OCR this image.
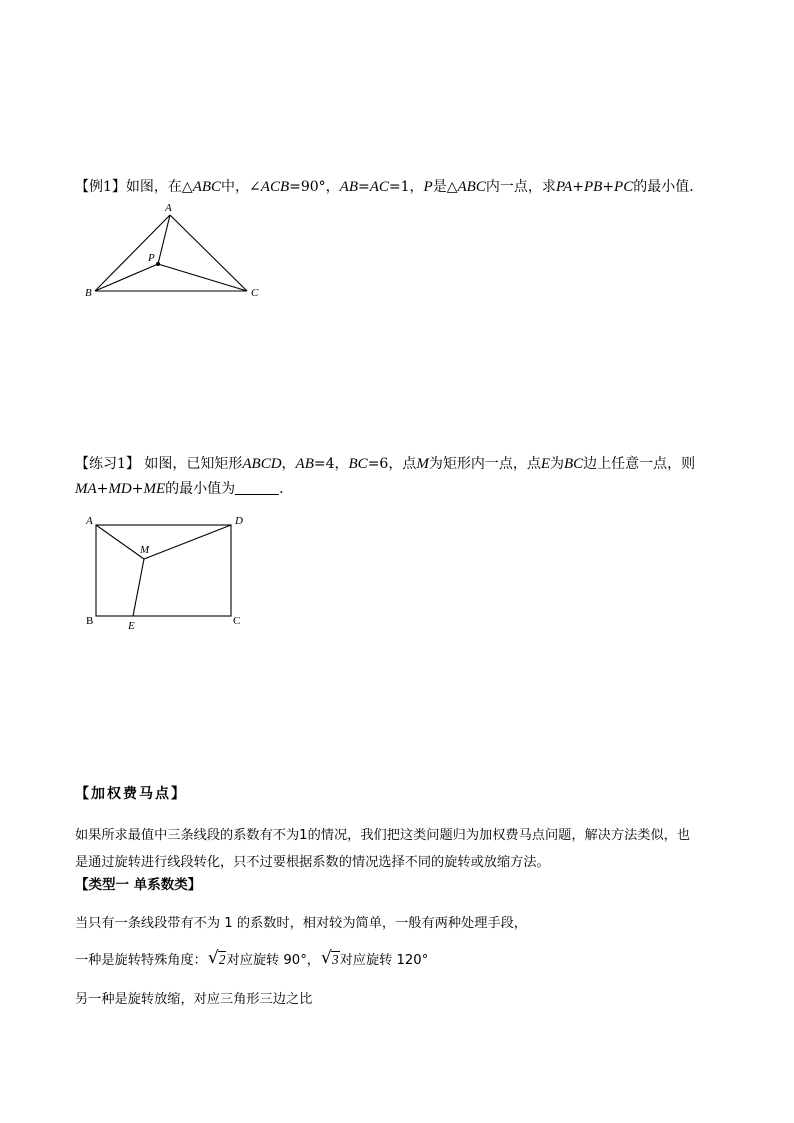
【例1】如图，在△ABC中，∠ACB=90°，AB=AC=1，P是△ABC内一点，求PA+PB+PC的最小值．
A
B	C
P
【练习1】 如图，已知矩形ABCD，AB=4，BC=6，点M为矩形内一点，点E为BC边上任意一点，则
MA+MD+ME的最小值为	．
A	D
B	C
M
E
【加权费马点】
如果所求最值中三条线段的系数有不为1的情况，我们把这类问题归为加权费马点问题，解决方法类似，也
是通过旋转进行线段转化，只不过要根据系数的情况选择不同的旋转或放缩方法。
【类型一 单系数类】
当只有一条线段带有不为 1 的系数时，相对较为简单，一般有两种处理手段，
一种是旋转特殊角度： √ 2对应旋转 90°， √ 3对应旋转 120°
另一种是旋转放缩，对应三角形三边之比
